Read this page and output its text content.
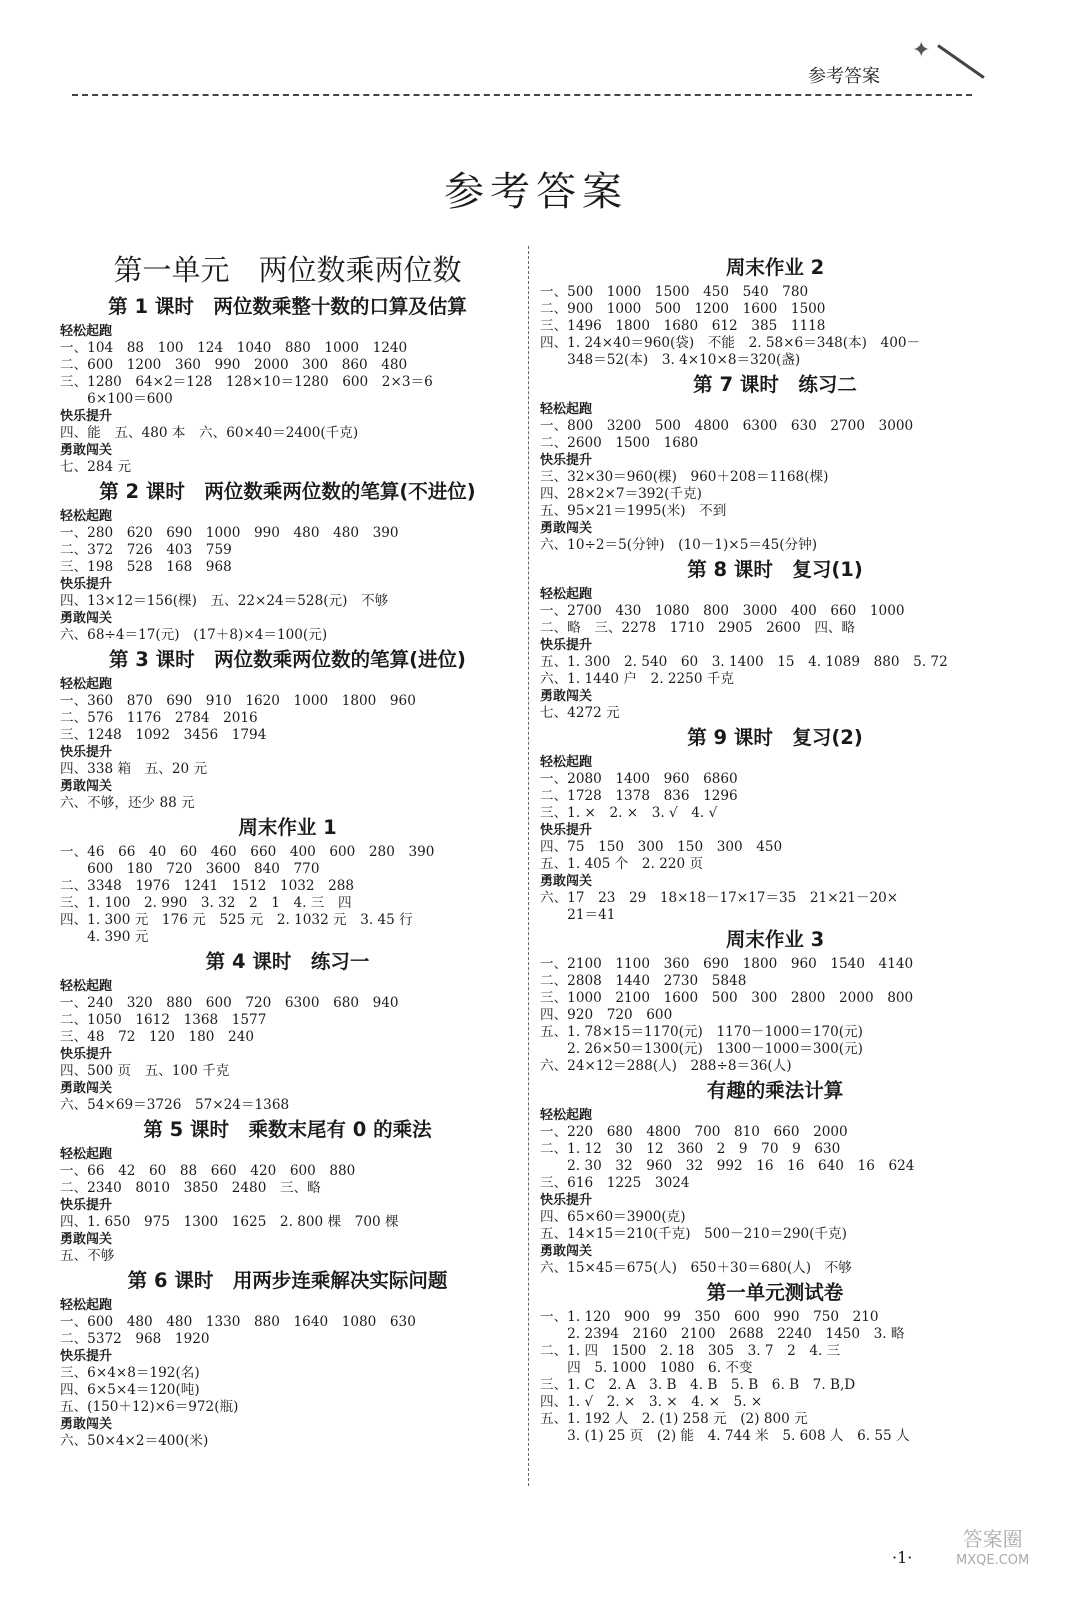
✦
参考答案
参考答案
第一单元　两位数乘两位数
第 1 课时　两位数乘整十数的口算及估算
轻松起跑
一、104　88　100　124　1040　880　1000　1240
二、600　1200　360　990　2000　300　860　480
三、1280　64×2＝128　128×10＝1280　600　2×3＝6
　　6×100＝600
快乐提升
四、能　五、480 本　六、60×40＝2400(千克)
勇敢闯关
七、284 元
第 2 课时　两位数乘两位数的笔算(不进位)
轻松起跑
一、280　620　690　1000　990　480　480　390
二、372　726　403　759
三、198　528　168　968
快乐提升
四、13×12＝156(棵)　五、22×24＝528(元)　不够
勇敢闯关
六、68÷4＝17(元)　(17＋8)×4＝100(元)
第 3 课时　两位数乘两位数的笔算(进位)
轻松起跑
一、360　870　690　910　1620　1000　1800　960
二、576　1176　2784　2016
三、1248　1092　3456　1794
快乐提升
四、338 箱　五、20 元
勇敢闯关
六、不够，还少 88 元
周末作业 1
一、46　66　40　60　460　660　400　600　280　390
　　600　180　720　3600　840　770
二、3348　1976　1241　1512　1032　288
三、1. 100　2. 990　3. 32　2　1　4. 三　四
四、1. 300 元　176 元　525 元　2. 1032 元　3. 45 行
　　4. 390 元
第 4 课时　练习一
轻松起跑
一、240　320　880　600　720　6300　680　940
二、1050　1612　1368　1577
三、48　72　120　180　240
快乐提升
四、500 页　五、100 千克
勇敢闯关
六、54×69＝3726　57×24＝1368
第 5 课时　乘数末尾有 0 的乘法
轻松起跑
一、66　42　60　88　660　420　600　880
二、2340　8010　3850　2480　三、略
快乐提升
四、1. 650　975　1300　1625　2. 800 棵　700 棵
勇敢闯关
五、不够
第 6 课时　用两步连乘解决实际问题
轻松起跑
一、600　480　480　1330　880　1640　1080　630
二、5372　968　1920
快乐提升
三、6×4×8＝192(名)
四、6×5×4＝120(吨)
五、(150＋12)×6＝972(瓶)
勇敢闯关
六、50×4×2＝400(米)
周末作业 2
一、500　1000　1500　450　540　780
二、900　1000　500　1200　1600　1500
三、1496　1800　1680　612　385　1118
四、1. 24×40＝960(袋)　不能　2. 58×6＝348(本)　400－
　　348＝52(本)　3. 4×10×8＝320(盏)
第 7 课时　练习二
轻松起跑
一、800　3200　500　4800　6300　630　2700　3000
二、2600　1500　1680
快乐提升
三、32×30＝960(棵)　960＋208＝1168(棵)
四、28×2×7＝392(千克)
五、95×21＝1995(米)　不到
勇敢闯关
六、10÷2＝5(分钟)　(10－1)×5＝45(分钟)
第 8 课时　复习(1)
轻松起跑
一、2700　430　1080　800　3000　400　660　1000
二、略　三、2278　1710　2905　2600　四、略
快乐提升
五、1. 300　2. 540　60　3. 1400　15　4. 1089　880　5. 72
六、1. 1440 户　2. 2250 千克
勇敢闯关
七、4272 元
第 9 课时　复习(2)
轻松起跑
一、2080　1400　960　6860
二、1728　1378　836　1296
三、1. ×　2. ×　3. √　4. √
快乐提升
四、75　150　300　150　300　450
五、1. 405 个　2. 220 页
勇敢闯关
六、17　23　29　18×18－17×17＝35　21×21－20×
　　21＝41
周末作业 3
一、2100　1100　360　690　1800　960　1540　4140
二、2808　1440　2730　5848
三、1000　2100　1600　500　300　2800　2000　800
四、920　720　600
五、1. 78×15＝1170(元)　1170－1000＝170(元)
　　2. 26×50＝1300(元)　1300－1000＝300(元)
六、24×12＝288(人)　288÷8＝36(人)
有趣的乘法计算
轻松起跑
一、220　680　4800　700　810　660　2000
二、1. 12　30　12　360　2　9　70　9　630
　　2. 30　32　960　32　992　16　16　640　16　624
三、616　1225　3024
快乐提升
四、65×60＝3900(克)
五、14×15＝210(千克)　500－210＝290(千克)
勇敢闯关
六、15×45＝675(人)　650＋30＝680(人)　不够
第一单元测试卷
一、1. 120　900　99　350　600　990　750　210
　　2. 2394　2160　2100　2688　2240　1450　3. 略
二、1. 四　1500　2. 18　305　3. 7　2　4. 三
　　四　5. 1000　1080　6. 不变
三、1. C　2. A　3. B　4. B　5. B　6. B　7. B,D
四、1. √　2. ×　3. ×　4. ×　5. ×
五、1. 192 人　2. (1) 258 元　(2) 800 元
　　3. (1) 25 页　(2) 能　4. 744 米　5. 608 人　6. 55 人
·1·
答案圈
MXQE.COM
